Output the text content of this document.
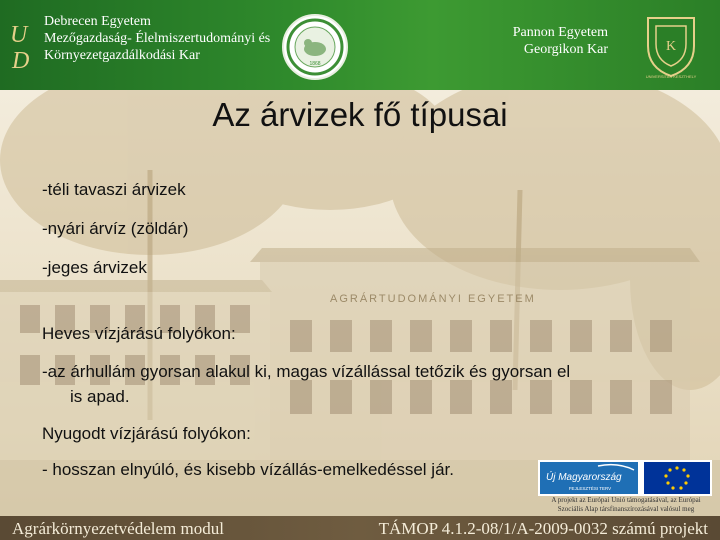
AGRÁRTUDOMÁNYI EGYETEM
U
D
Debrecen Egyetem
Mezőgazdaság- Élelmiszertudományi és
Környezetgazdálkodási Kar
1868
Pannon Egyetem
Georgikon Kar	K
UNIVERSITAS KESZTHELY
Az árvizek fő típusai
-téli tavaszi árvizek
-nyári árvíz (zöldár)
-jeges árvizek
Heves vízjárású folyókon:
-az árhullám gyorsan alakul ki, magas vízállással tetőzik és gyorsan el
is apad.
Nyugodt vízjárású folyókon:
- hosszan elnyúló, és kisebb vízállás-emelkedéssel jár.	Új Magyarország
FEJLESZTÉSI TERV
A projekt az Európai Unió támogatásával, az Európai
Szociális Alap társfinanszírozásával valósul meg
Agrárkörnyezetvédelem modul	TÁMOP 4.1.2-08/1/A-2009-0032 számú projekt
